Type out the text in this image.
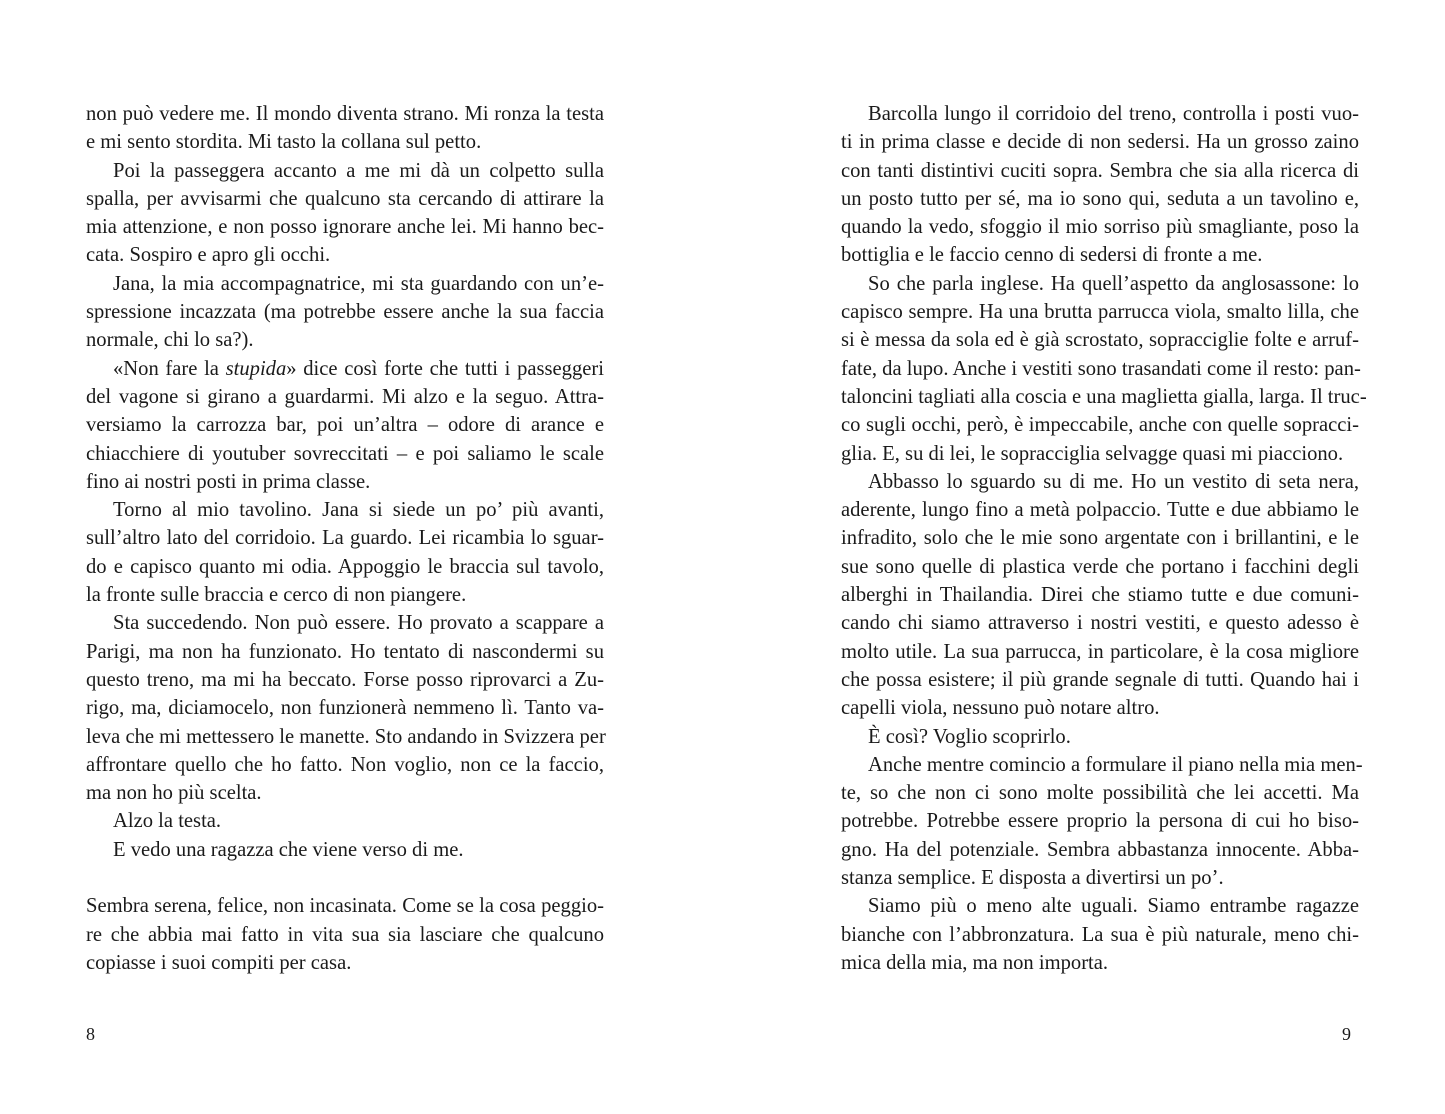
non può vedere me. Il mondo diventa strano. Mi ronza la testa
e mi sento stordita. Mi tasto la collana sul petto.
Poi la passeggera accanto a me mi dà un colpetto sulla
spalla, per avvisarmi che qualcuno sta cercando di attirare la
mia attenzione, e non posso ignorare anche lei. Mi hanno bec-
cata. Sospiro e apro gli occhi.
Jana, la mia accompagnatrice, mi sta guardando con un’e-
spressione incazzata (ma potrebbe essere anche la sua faccia
normale, chi lo sa?).
«Non fare la stupida» dice così forte che tutti i passeggeri
del vagone si girano a guardarmi. Mi alzo e la seguo. Attra-
versiamo la carrozza bar, poi un’altra – odore di arance e
chiacchiere di youtuber sovreccitati – e poi saliamo le scale
fino ai nostri posti in prima classe.
Torno al mio tavolino. Jana si siede un po’ più avanti,
sull’altro lato del corridoio. La guardo. Lei ricambia lo sguar-
do e capisco quanto mi odia. Appoggio le braccia sul tavolo,
la fronte sulle braccia e cerco di non piangere.
Sta succedendo. Non può essere. Ho provato a scappare a
Parigi, ma non ha funzionato. Ho tentato di nascondermi su
questo treno, ma mi ha beccato. Forse posso riprovarci a Zu-
rigo, ma, diciamocelo, non funzionerà nemmeno lì. Tanto va-
leva che mi mettessero le manette. Sto andando in Svizzera per
affrontare quello che ho fatto. Non voglio, non ce la faccio,
ma non ho più scelta.
Alzo la testa.
E vedo una ragazza che viene verso di me.
Sembra serena, felice, non incasinata. Come se la cosa peggio-
re che abbia mai fatto in vita sua sia lasciare che qualcuno
copiasse i suoi compiti per casa.
Barcolla lungo il corridoio del treno, controlla i posti vuo-
ti in prima classe e decide di non sedersi. Ha un grosso zaino
con tanti distintivi cuciti sopra. Sembra che sia alla ricerca di
un posto tutto per sé, ma io sono qui, seduta a un tavolino e,
quando la vedo, sfoggio il mio sorriso più smagliante, poso la
bottiglia e le faccio cenno di sedersi di fronte a me.
So che parla inglese. Ha quell’aspetto da anglosassone: lo
capisco sempre. Ha una brutta parrucca viola, smalto lilla, che
si è messa da sola ed è già scrostato, sopracciglie folte e arruf-
fate, da lupo. Anche i vestiti sono trasandati come il resto: pan-
taloncini tagliati alla coscia e una maglietta gialla, larga. Il truc-
co sugli occhi, però, è impeccabile, anche con quelle sopracci-
glia. E, su di lei, le sopracciglia selvagge quasi mi piacciono.
Abbasso lo sguardo su di me. Ho un vestito di seta nera,
aderente, lungo fino a metà polpaccio. Tutte e due abbiamo le
infradito, solo che le mie sono argentate con i brillantini, e le
sue sono quelle di plastica verde che portano i facchini degli
alberghi in Thailandia. Direi che stiamo tutte e due comuni-
cando chi siamo attraverso i nostri vestiti, e questo adesso è
molto utile. La sua parrucca, in particolare, è la cosa migliore
che possa esistere; il più grande segnale di tutti. Quando hai i
capelli viola, nessuno può notare altro.
È così? Voglio scoprirlo.
Anche mentre comincio a formulare il piano nella mia men-
te, so che non ci sono molte possibilità che lei accetti. Ma
potrebbe. Potrebbe essere proprio la persona di cui ho biso-
gno. Ha del potenziale. Sembra abbastanza innocente. Abba-
stanza semplice. E disposta a divertirsi un po’.
Siamo più o meno alte uguali. Siamo entrambe ragazze
bianche con l’abbronzatura. La sua è più naturale, meno chi-
mica della mia, ma non importa.
8	9
